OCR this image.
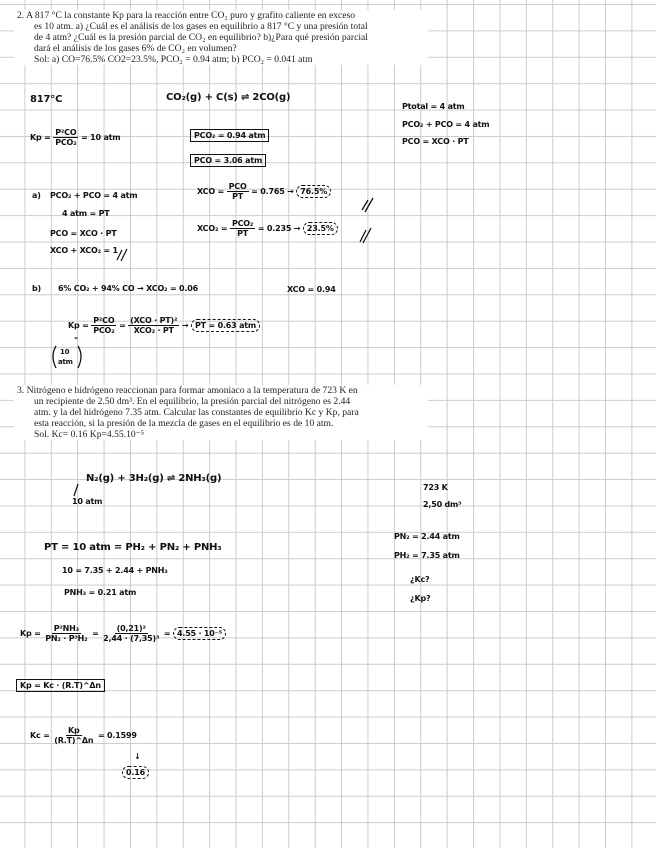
2. A 817 °C la constante Kp para la reacción entre CO₂ puro y grafito caliente en exceso

es 10 atm. a) ¿Cuál es el análisis de los gases en equilibrio a 817 °C y una presión total

de 4 atm? ¿Cuál es la presión parcial de CO₂ en equilibrio? b)¿Para qué presión parcial

dará el análisis de los gases 6% de CO₂ en volumen?

Sol: a) CO=76.5% CO2=23.5%, PCO₂ = 0.94 atm; b) PCO₂ = 0.041 atm

3. Nitrógeno e hidrógeno reaccionan para formar amoniaco a la temperatura de 723 K en

un recipiente de 2.50 dm³. En el equilibrio, la presión parcial del nitrógeno es 2.44

atm. y la del hidrógeno 7.35 atm. Calcular las constantes de equilibrio Kc y Kp, para

esta reacción, si la presión de la mezcla de gases en el equilibrio es de 10 atm.

Sol. Kc= 0.16 Kp=4.55.10⁻⁵

817°C	CO₂(g) + C(s) ⇌ 2CO(g)
Ptotal = 4 atm
PCO₂ + PCO = 4 atm
PCO = XCO · PT
$Kp = \frac{\text{P²CO}}{\text{PCO₂}} = 10$ atm	PCO₂ = 0.94 atm
PCO = 3.06 atm
a) PCO₂ + PCO = 4 atm
4 atm = PT
PCO = XCO · PT
XCO + XCO₂ = 1
XCO = $\frac{\text{PCO}}{PT} = 0.765 \to 76.5\%$
$XCO_2 = \frac{\text{PCO₂}}{PT} = 0.235 \to 23.5\%$
b) 6% CO₂ + 94% CO → XCO₂ = 0.06	XCO = 0.94
$Kp = \frac{\text{P²CO}}{\text{PCO₂}} = \frac{\text{(XCO · PT)²}}{\text{XCO₂ · PT}}$ → PT = 0.63 atm
"
10
atm
N₂(g) + 3H₂(g) ⇌ 2NH₃(g)
10 atm
723 K
2,50 dm³
PT = 10 atm = PH₂ + PN₂ + PNH₃
10 = 7.35 + 2.44 + PNH₃
PNH₃ = 0.21 atm
PN₂ = 2.44 atm
PH₂ = 7.35 atm
¿Kc?
¿Kp?
$Kp = \frac{\text{P²NH₃}}{\text{PN₂ · P³H₂}} = \frac{\text{(0,21)²}}{\text{2,44 · (7,35)³}} = 4.55 \cdot 10^{-5}$
Kp = Kc · (R.T)^Δn
$Kc = \frac{Kp}{(R.T)\^{}\Delta n} = 0.1599$
↓
0.16
